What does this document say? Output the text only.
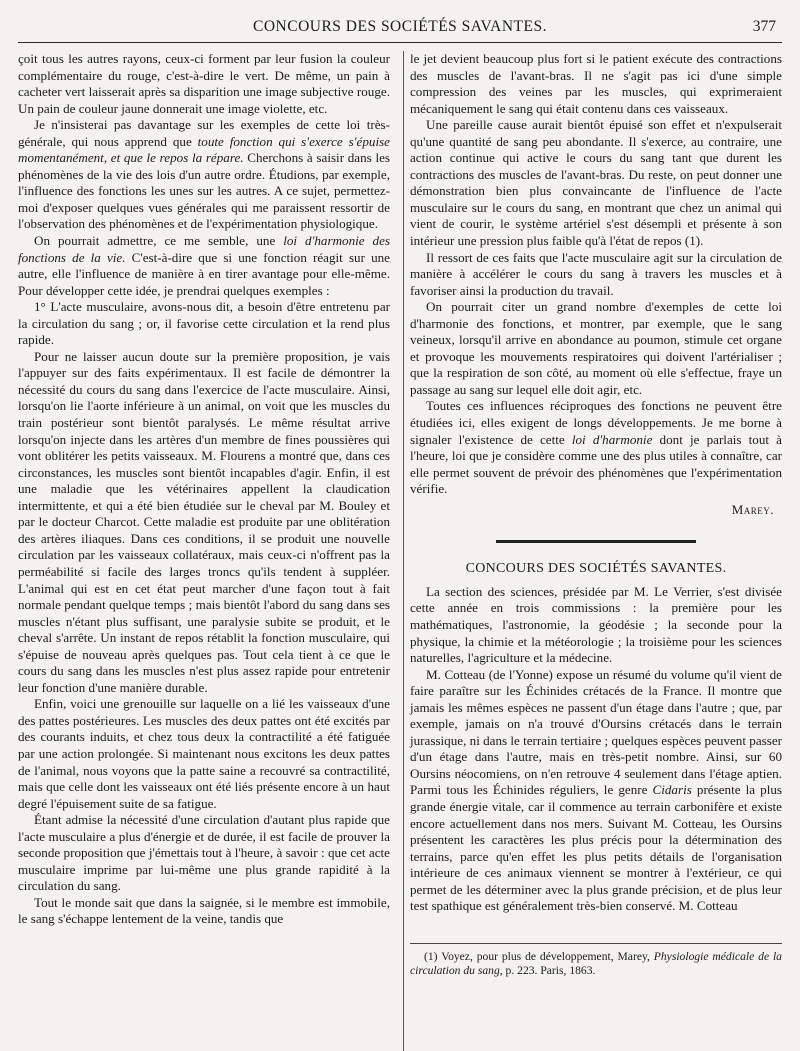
CONCOURS DES SOCIÉTÉS SAVANTES.	377

çoit tous les autres rayons, ceux-ci forment par leur fusion la couleur complémentaire du rouge, c'est-à-dire le vert. De même, un pain à cacheter vert laisserait après sa disparition une image subjective rouge. Un pain de couleur jaune donnerait une image violette, etc.

Je n'insisterai pas davantage sur les exemples de cette loi très-générale, qui nous apprend que toute fonction qui s'exerce s'épuise momentanément, et que le repos la répare. Cherchons à saisir dans les phénomènes de la vie des lois d'un autre ordre. Étudions, par exemple, l'influence des fonctions les unes sur les autres. A ce sujet, permettez-moi d'exposer quelques vues générales qui me paraissent ressortir de l'observation des phénomènes et de l'expérimentation physiologique.

On pourrait admettre, ce me semble, une loi d'harmonie des fonctions de la vie. C'est-à-dire que si une fonction réagit sur une autre, elle l'influence de manière à en tirer avantage pour elle-même. Pour développer cette idée, je prendrai quelques exemples :

1° L'acte musculaire, avons-nous dit, a besoin d'être entretenu par la circulation du sang ; or, il favorise cette circulation et la rend plus rapide.

Pour ne laisser aucun doute sur la première proposition, je vais l'appuyer sur des faits expérimentaux. Il est facile de démontrer la nécessité du cours du sang dans l'exercice de l'acte musculaire. Ainsi, lorsqu'on lie l'aorte inférieure à un animal, on voit que les muscles du train postérieur sont bientôt paralysés. Le même résultat arrive lorsqu'on injecte dans les artères d'un membre de fines poussières qui vont oblitérer les petits vaisseaux. M. Flourens a montré que, dans ces circonstances, les muscles sont bientôt incapables d'agir. Enfin, il est une maladie que les vétérinaires appellent la claudication intermittente, et qui a été bien étudiée sur le cheval par M. Bouley et par le docteur Charcot. Cette maladie est produite par une oblitération des artères iliaques. Dans ces conditions, il se produit une nouvelle circulation par les vaisseaux collatéraux, mais ceux-ci n'offrent pas la perméabilité si facile des larges troncs qu'ils tendent à suppléer. L'animal qui est en cet état peut marcher d'une façon tout à fait normale pendant quelque temps ; mais bientôt l'abord du sang dans ses muscles n'étant plus suffisant, une paralysie subite se produit, et le cheval s'arrête. Un instant de repos rétablit la fonction musculaire, qui s'épuise de nouveau après quelques pas. Tout cela tient à ce que le cours du sang dans les muscles n'est plus assez rapide pour entretenir leur fonction d'une manière durable.

Enfin, voici une grenouille sur laquelle on a lié les vaisseaux d'une des pattes postérieures. Les muscles des deux pattes ont été excités par des courants induits, et chez tous deux la contractilité a été fatiguée par une action prolongée. Si maintenant nous excitons les deux pattes de l'animal, nous voyons que la patte saine a recouvré sa contractilité, mais que celle dont les vaisseaux ont été liés présente encore à un haut degré l'épuisement suite de sa fatigue.

Étant admise la nécessité d'une circulation d'autant plus rapide que l'acte musculaire a plus d'énergie et de durée, il est facile de prouver la seconde proposition que j'émettais tout à l'heure, à savoir : que cet acte musculaire imprime par lui-même une plus grande rapidité à la circulation du sang.

Tout le monde sait que dans la saignée, si le membre est immobile, le sang s'échappe lentement de la veine, tandis que

le jet devient beaucoup plus fort si le patient exécute des contractions des muscles de l'avant-bras. Il ne s'agit pas ici d'une simple compression des veines par les muscles, qui exprimeraient mécaniquement le sang qui était contenu dans ces vaisseaux.

Une pareille cause aurait bientôt épuisé son effet et n'expulserait qu'une quantité de sang peu abondante. Il s'exerce, au contraire, une action continue qui active le cours du sang tant que durent les contractions des muscles de l'avant-bras. Du reste, on peut donner une démonstration bien plus convaincante de l'influence de l'acte musculaire sur le cours du sang, en montrant que chez un animal qui vient de courir, le système artériel s'est désempli et présente à son intérieur une pression plus faible qu'à l'état de repos (1).

Il ressort de ces faits que l'acte musculaire agit sur la circulation de manière à accélérer le cours du sang à travers les muscles et à favoriser ainsi la production du travail.

On pourrait citer un grand nombre d'exemples de cette loi d'harmonie des fonctions, et montrer, par exemple, que le sang veineux, lorsqu'il arrive en abondance au poumon, stimule cet organe et provoque les mouvements respiratoires qui doivent l'artérialiser ; que la respiration de son côté, au moment où elle s'effectue, fraye un passage au sang sur lequel elle doit agir, etc.

Toutes ces influences réciproques des fonctions ne peuvent être étudiées ici, elles exigent de longs développements. Je me borne à signaler l'existence de cette loi d'harmonie dont je parlais tout à l'heure, loi que je considère comme une des plus utiles à connaître, car elle permet souvent de prévoir des phénomènes que l'expérimentation vérifie.

Marey.

CONCOURS DES SOCIÉTÉS SAVANTES.

La section des sciences, présidée par M. Le Verrier, s'est divisée cette année en trois commissions : la première pour les mathématiques, l'astronomie, la géodésie ; la seconde pour la physique, la chimie et la météorologie ; la troisième pour les sciences naturelles, l'agriculture et la médecine.

M. Cotteau (de l'Yonne) expose un résumé du volume qu'il vient de faire paraître sur les Échinides crétacés de la France. Il montre que jamais les mêmes espèces ne passent d'un étage dans l'autre ; que, par exemple, jamais on n'a trouvé d'Oursins crétacés dans le terrain jurassique, ni dans le terrain tertiaire ; quelques espèces peuvent passer d'un étage dans l'autre, mais en très-petit nombre. Ainsi, sur 60 Oursins néocomiens, on n'en retrouve 4 seulement dans l'étage aptien. Parmi tous les Échinides réguliers, le genre Cidaris présente la plus grande énergie vitale, car il commence au terrain carbonifère et existe encore actuellement dans nos mers. Suivant M. Cotteau, les Oursins présentent les caractères les plus précis pour la détermination des terrains, parce qu'en effet les plus petits détails de l'organisation intérieure de ces animaux viennent se montrer à l'extérieur, ce qui permet de les déterminer avec la plus grande précision, et de plus leur test spathique est généralement très-bien conservé. M. Cotteau

(1) Voyez, pour plus de développement, Marey, Physiologie médicale de la circulation du sang, p. 223. Paris, 1863.
